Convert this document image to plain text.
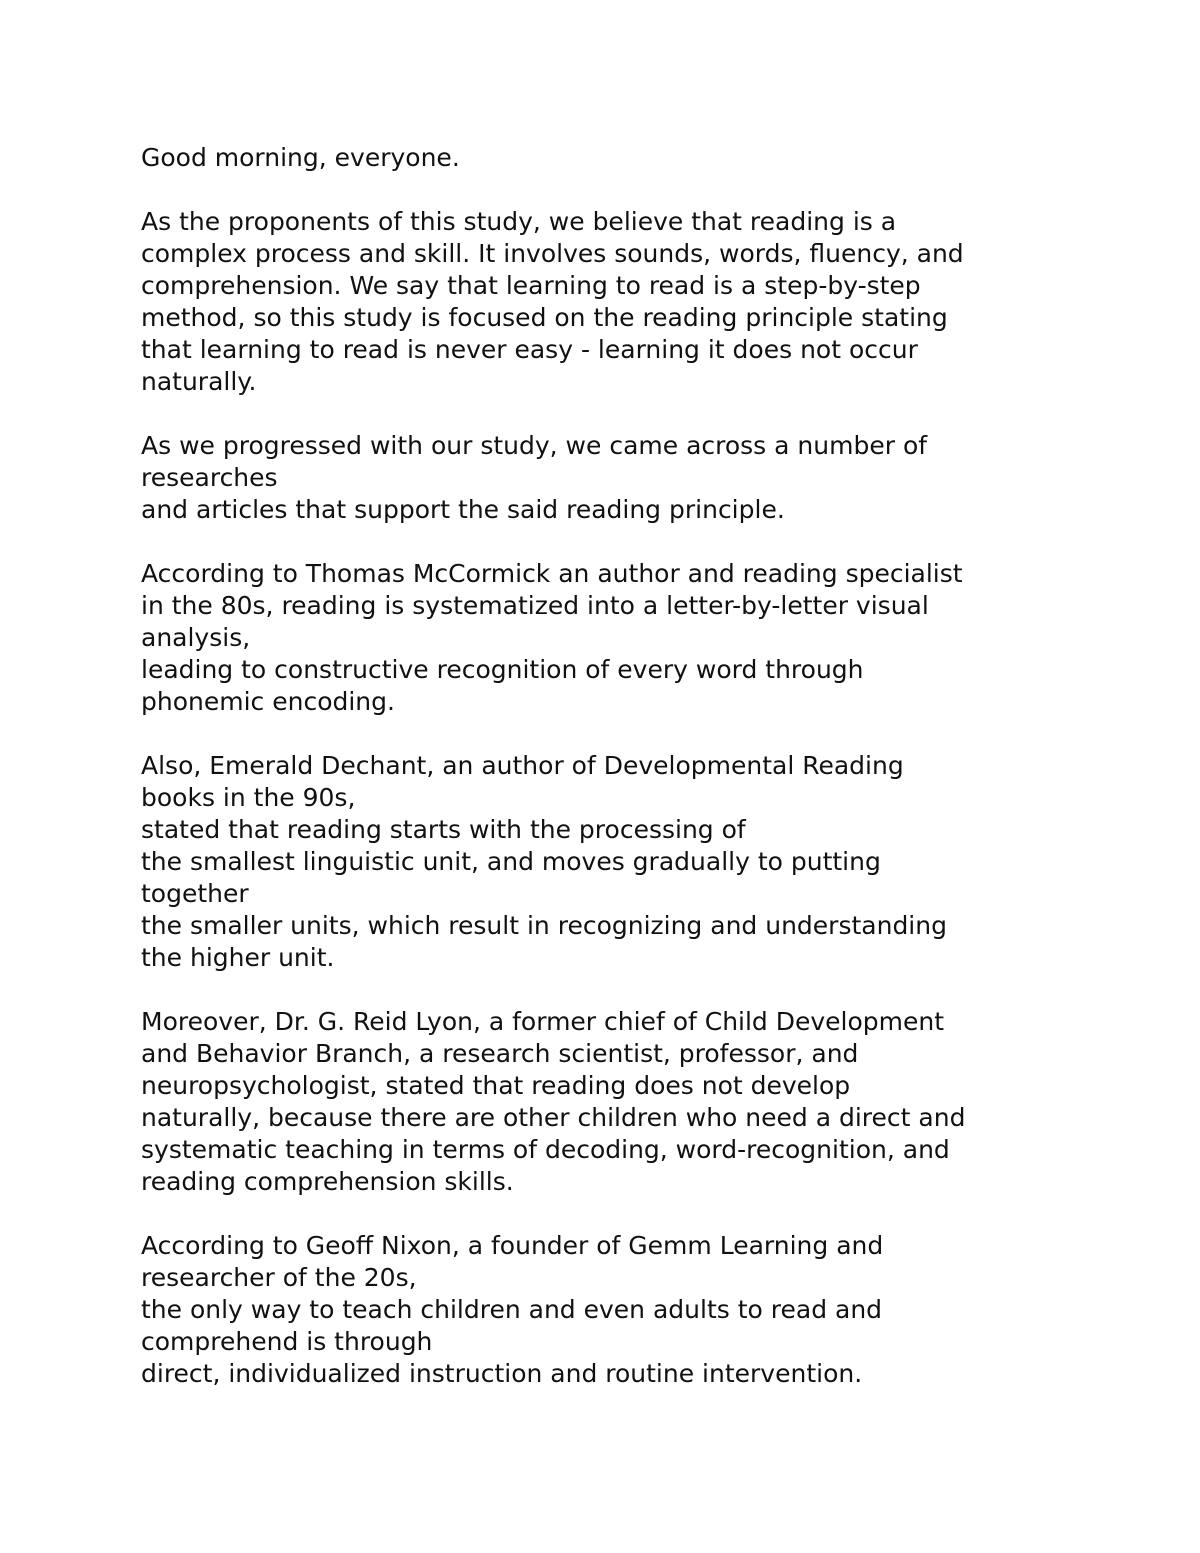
Good morning, everyone.
As the proponents of this study, we believe that reading is a
complex process and skill. It involves sounds, words, fluency, and
comprehension. We say that learning to read is a step-by-step
method, so this study is focused on the reading principle stating
that learning to read is never easy - learning it does not occur
naturally.
As we progressed with our study, we came across a number of
researches
and articles that support the said reading principle.
According to Thomas McCormick an author and reading specialist
in the 80s, reading is systematized into a letter-by-letter visual
analysis,
leading to constructive recognition of every word through
phonemic encoding.
Also, Emerald Dechant, an author of Developmental Reading
books in the 90s,
stated that reading starts with the processing of
the smallest linguistic unit, and moves gradually to putting
together
the smaller units, which result in recognizing and understanding
the higher unit.
Moreover, Dr. G. Reid Lyon, a former chief of Child Development
and Behavior Branch, a research scientist, professor, and
neuropsychologist, stated that reading does not develop
naturally, because there are other children who need a direct and
systematic teaching in terms of decoding, word-recognition, and
reading comprehension skills.
According to Geoff Nixon, a founder of Gemm Learning and
researcher of the 20s,
the only way to teach children and even adults to read and
comprehend is through
direct, individualized instruction and routine intervention.
